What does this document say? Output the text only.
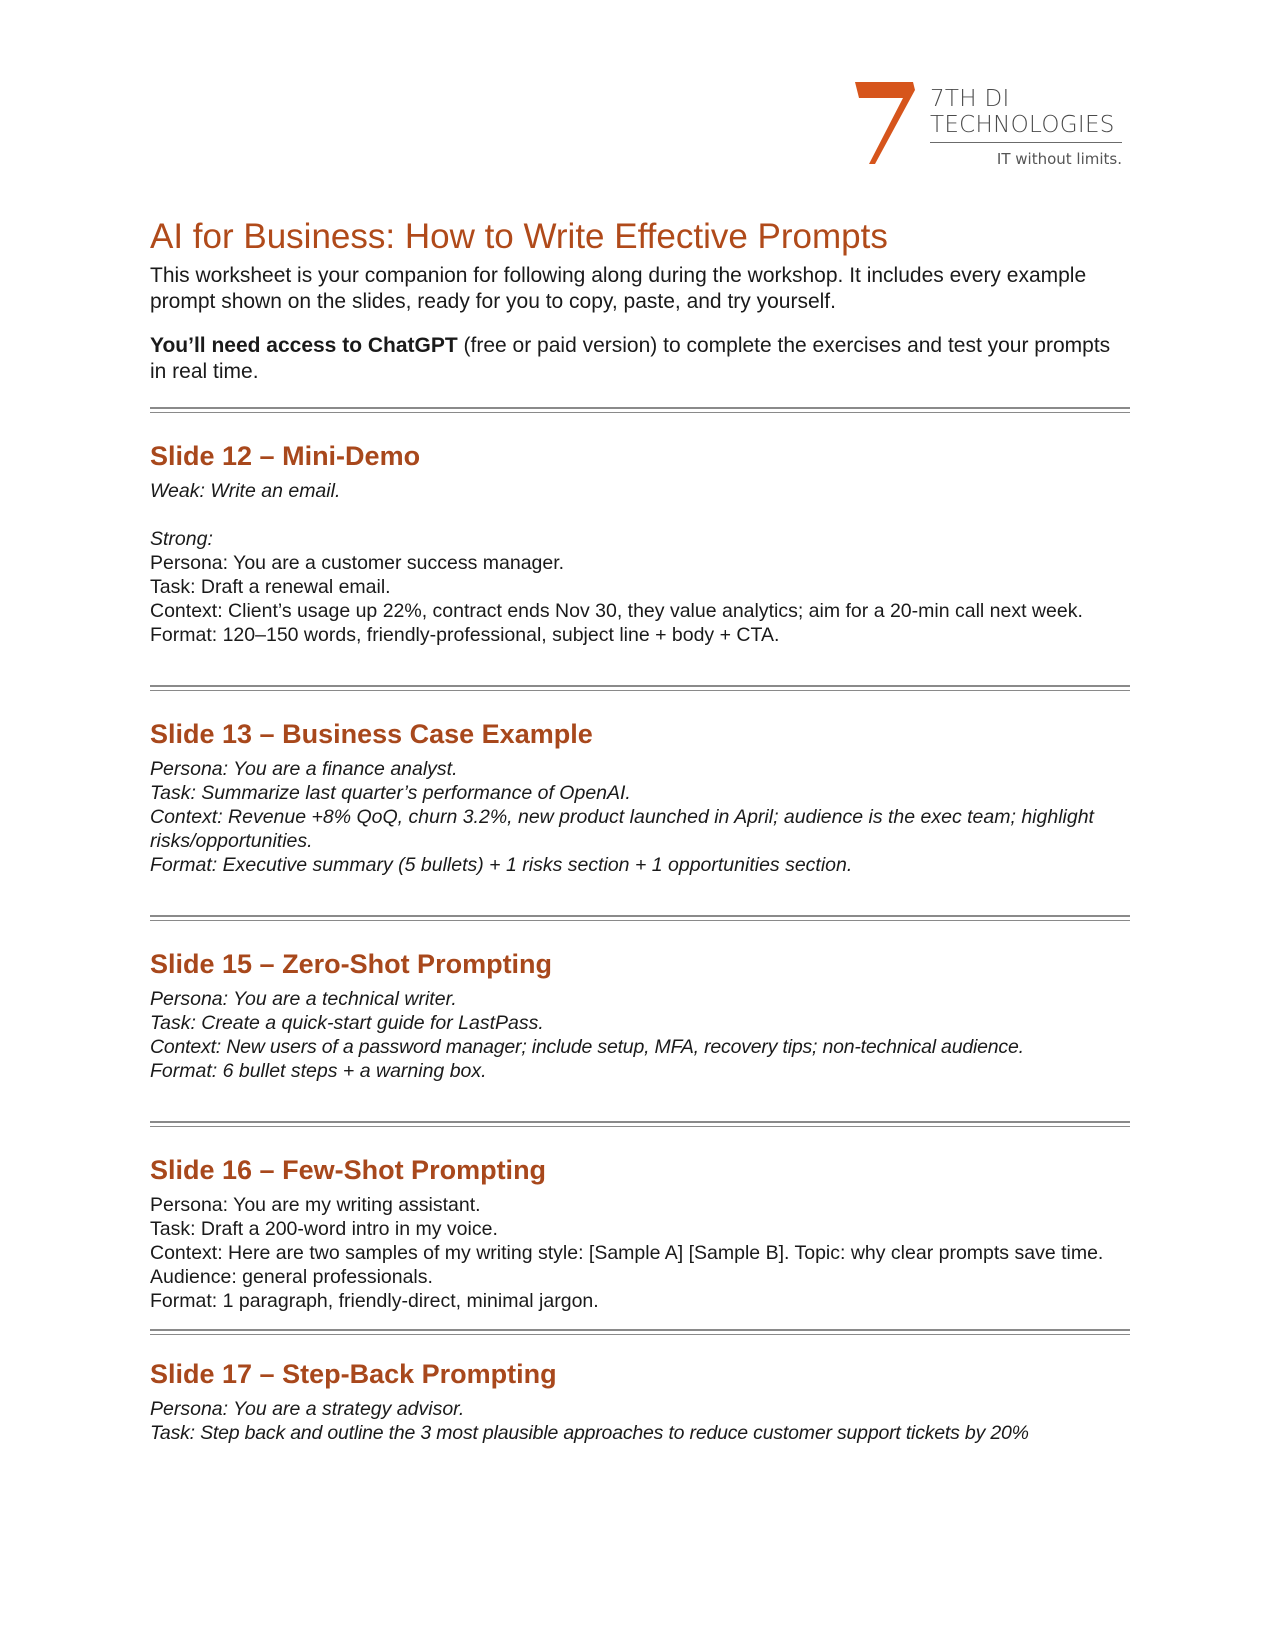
7TH DI
TECHNOLOGIES
IT without limits.
AI for Business: How to Write Effective Prompts

This worksheet is your companion for following along during the workshop. It includes every example prompt shown on the slides, ready for you to copy, paste, and try yourself.

You’ll need access to ChatGPT (free or paid version) to complete the exercises and test your prompts in real time.

Slide 12 – Mini-Demo

Weak: Write an email.

Strong:

Persona: You are a customer success manager.

Task: Draft a renewal email.

Context: Client’s usage up 22%, contract ends Nov 30, they value analytics; aim for a 20-min call next week.

Format: 120–150 words, friendly-professional, subject line + body + CTA.

Slide 13 – Business Case Example

Persona: You are a finance analyst.

Task: Summarize last quarter’s performance of OpenAI.

Context: Revenue +8% QoQ, churn 3.2%, new product launched in April; audience is the exec team; highlight risks/opportunities.

Format: Executive summary (5 bullets) + 1 risks section + 1 opportunities section.

Slide 15 – Zero-Shot Prompting

Persona: You are a technical writer.

Task: Create a quick-start guide for LastPass.

Context: New users of a password manager; include setup, MFA, recovery tips; non-technical audience.

Format: 6 bullet steps + a warning box.

Slide 16 – Few-Shot Prompting

Persona: You are my writing assistant.

Task: Draft a 200-word intro in my voice.

Context: Here are two samples of my writing style: [Sample A] [Sample B]. Topic: why clear prompts save time. Audience: general professionals.

Format: 1 paragraph, friendly-direct, minimal jargon.

Slide 17 – Step-Back Prompting

Persona: You are a strategy advisor.

Task: Step back and outline the 3 most plausible approaches to reduce customer support tickets by 20%
